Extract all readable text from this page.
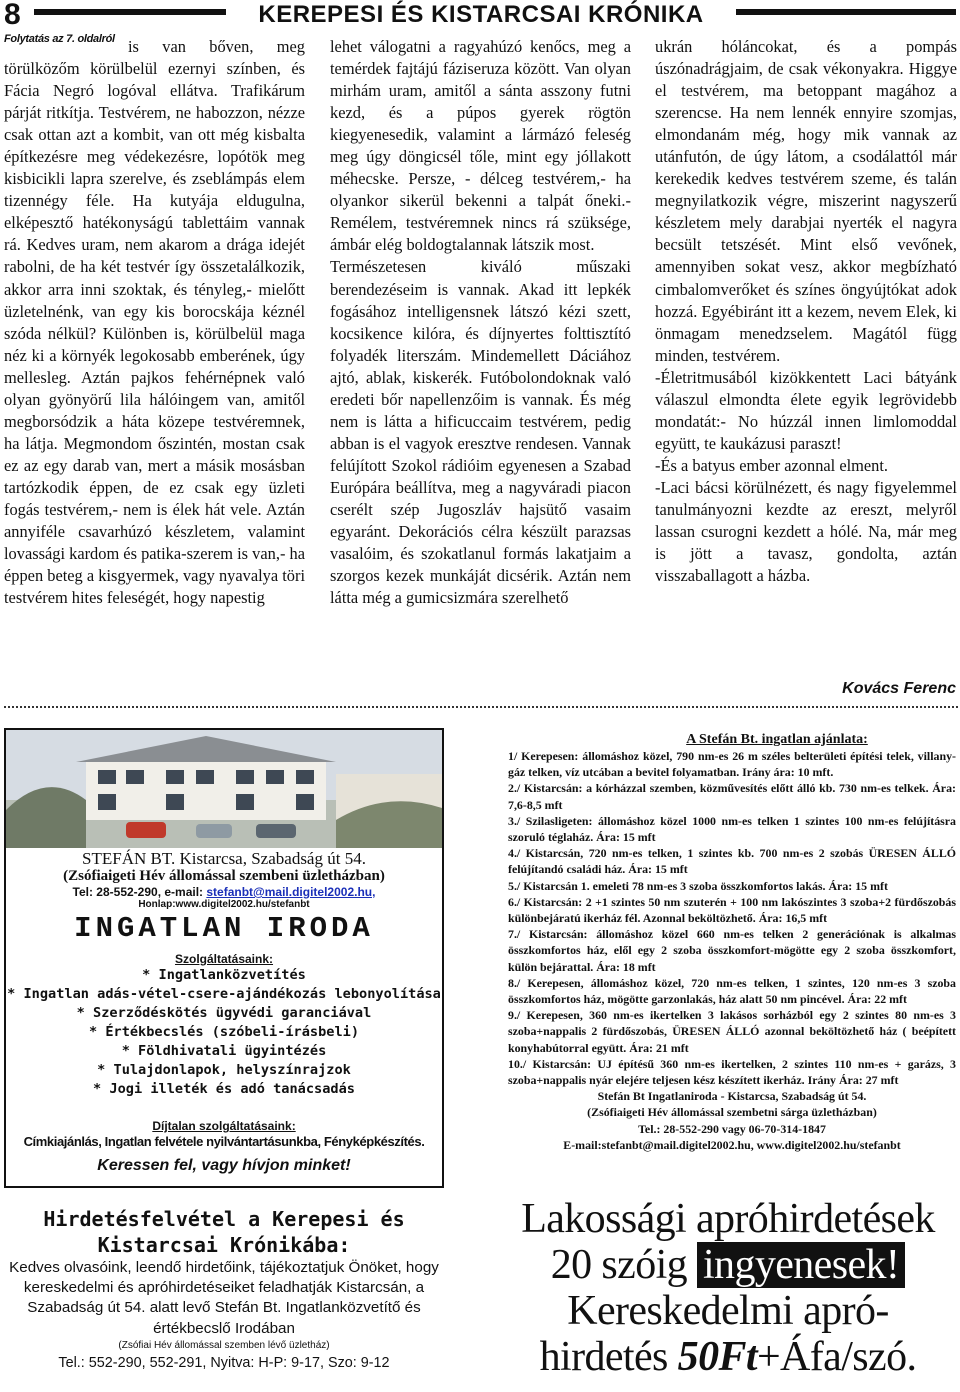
8	KEREPESI ÉS KISTARCSAI KRÓNIKA
Folytatás az 7. oldalról is van bőven, meg törülközőm körülbelül ezernyi színben, és Fácia Negró logóval ellátva. Trafikárum párját ritkítja. Testvérem, ne habozzon, nézze csak ottan azt a kombit, van ott még kisbalta építkezésre meg védekezésre, lopótök meg kisbicikli lapra szerelve, és zseblámpás elem tizennégy féle. Ha kutyája eldugulna, elképesztő hatékonyságú tablettáim vannak rá. Kedves uram, nem akarom a drága idejét rabolni, de ha két testvér így összetalálkozik, akkor arra inni szoktak, és tényleg,- mielőtt üzletelnénk, van egy kis borocskája kéznél szóda nélkül? Különben is, körülbelül maga néz ki a környék legokosabb emberének, úgy mellesleg. Aztán pajkos fehérnépnek való olyan gyönyörű lila hálóingem van, amitől megborsódzik a háta közepe testvéremnek, ha látja. Megmondom őszintén, mostan csak ez az egy darab van, mert a másik mosásban tartózkodik éppen, de ez csak egy üzleti fogás testvérem,- nem is élek hát vele. Aztán annyiféle csavarhúzó készletem, valamint lovassági kardom és patika-szerem is van,- ha éppen beteg a kisgyermek, vagy nyavalya töri testvérem hites feleségét, hogy napestig

lehet válogatni a ragyahúzó kenőcs, meg a temérdek fajtájú fáziseruza között. Van olyan mirhám uram, amitől a sánta asszony futni kezd, és a púpos gyerek rögtön kiegyenesedik, valamint a lármázó feleség meg úgy döngicsél tőle, mint egy jóllakott méhecske. Persze, - délceg testvérem,- ha olyankor sikerül bekenni a talpát őneki.- Remélem, testvéremnek nincs rá szüksége, ámbár elég boldogtalannak látszik most.

Természetesen kiváló műszaki berendezéseim is vannak. Akad itt lepkék fogásához intelligensnek látszó kézi szett, kocsikence kilóra, és díjnyertes folttisztító folyadék literszám. Mindemellett Dáciához ajtó, ablak, kiskerék. Futóbolondoknak való eredeti bőr napellenzőim is vannak. És még nem is látta a hificuccaim testvérem, pedig abban is el vagyok eresztve rendesen. Vannak felújított Szokol rádióim egyenesen a Szabad Európára beállítva, meg a nagyváradi piacon cserélt szép Jugoszláv hajsütő vasaim egyaránt. Dekorációs célra készült parazsas vasalóim, és szokatlanul formás lakatjaim a szorgos kezek munkáját dicsérik. Aztán nem látta még a gumicsizmára szerelhető

ukrán hóláncokat, és a pompás úszónadrágjaim, de csak vékonyakra. Higgye el testvérem, ma betoppant magához a szerencse. Ha nem lennék ennyire szomjas, elmondanám még, hogy mik vannak az utánfutón, de úgy látom, a csodálattól már kerekedik kedves testvérem szeme, és talán megnyilatkozik végre, miszerint nagyszerű készletem mely darabjai nyerték el nagyra becsült tetszését. Mint első vevőnek, amennyiben sokat vesz, akkor megbízható cimbalomverőket és színes öngyújtókat adok hozzá. Egyébiránt itt a kezem, nevem Elek, ki önmagam menedzselem. Magától függ minden, testvérem.

-Életritmusából kizökkentett Laci bátyánk válaszul elmondta élete egyik legrövidebb mondatát:- No húzzál innen limlomoddal együtt, te kaukázusi paraszt!

-És a batyus ember azonnal elment.

-Laci bácsi körülnézett, és nagy figyelemmel tanulmányozni kezdte az ereszt, melyről lassan csurogni kezdett a hólé. Na, már meg is jött a tavasz, gondolta, aztán visszaballagott a házba.

Kovács Ferenc
STEFÁN BT. Kistarcsa, Szabadság út 54.
(Zsófiaigeti Hév állomással szembeni üzletházban)
Tel: 28-552-290, e-mail: stefanbt@mail.digitel2002.hu,
Honlap:www.digitel2002.hu/stefanbt
INGATLAN IRODA
Szolgáltatásaink:
* Ingatlanközvetítés
* Ingatlan adás-vétel-csere-ajándékozás lebonyolítása
* Szerződéskötés ügyvédi garanciával
* Értékbecslés (szóbeli-írásbeli)
* Földhivatali ügyintézés
* Tulajdonlapok, helyszínrajzok
* Jogi illeték és adó tanácsadás
Díjtalan szolgáltatásaink:
Címkiajánlás, Ingatlan felvétele nyilvántartásunkba, Fényképkészítés.
Keressen fel, vagy hívjon minket!
A Stefán Bt. ingatlan ajánlata:
1/ Kerepesen: állomáshoz közel, 790 nm-es 26 m széles belterületi építési telek, villany-gáz telken, víz utcában a bevitel folyamatban. Irány ára: 10 mft.
2./ Kistarcsán: a kórházzal szemben, közművesítés előtt álló kb. 730 nm-es telkek. Ára: 7,6-8,5 mft
3./ Szilasligeten: állomáshoz közel 1000 nm-es telken 1 szintes 100 nm-es felújításra szoruló téglaház. Ára: 15 mft
4./ Kistarcsán, 720 nm-es telken, 1 szintes kb. 700 nm-es 2 szobás ÜRESEN ÁLLÓ felújítandó családi ház. Ára: 15 mft
5./ Kistarcsán 1. emeleti 78 nm-es 3 szoba összkomfortos lakás. Ára: 15 mft
6./ Kistarcsán: 2 +1 szintes 50 nm szuterén + 100 nm lakószintes 3 szoba+2 fürdőszobás különbejáratú ikerház fél. Azonnal beköltözhető. Ára: 16,5 mft
7./ Kistarcsán: állomáshoz közel 660 nm-es telken 2 generációnak is alkalmas összkomfortos ház, elől egy 2 szoba összkomfort-mögötte egy 2 szoba összkomfort, külön bejárattal. Ára: 18 mft
8./ Kerepesen, állomáshoz közel, 720 nm-es telken, 1 szintes, 120 nm-es 3 szoba összkomfortos ház, mögötte garzonlakás, ház alatt 50 nm pincével. Ára: 22 mft
9./ Kerepesen, 360 nm-es ikertelken 3 lakásos sorházból egy 2 szintes 80 nm-es 3 szoba+nappalis 2 fürdőszobás, ÜRESEN ÁLLÓ azonnal beköltözhető ház ( beépített konyhabútorral együtt. Ára: 21 mft
10./ Kistarcsán: UJ építésű 360 nm-es ikertelken, 2 szintes 110 nm-es + garázs, 3 szoba+nappalis nyár elejére teljesen kész készített ikerház. Irány Ára: 27 mft
Stefán Bt Ingatlaniroda - Kistarcsa, Szabadság út 54.
(Zsófiaigeti Hév állomással szembetni sárga üzletházban)
Tel.: 28-552-290 vagy 06-70-314-1847
E-mail:stefanbt@mail.digitel2002.hu, www.digitel2002.hu/stefanbt
Hirdetésfelvétel a Kerepesi és Kistarcsai Krónikába:
Kedves olvasóink, leendő hirdetőink, tájékoztatjuk Önöket, hogy kereskedelmi és apróhirdetéseiket feladhatják Kistarcsán, a Szabadság út 54. alatt levő Stefán Bt. Ingatlanközvetítő és értékbecslő Irodában
(Zsófiai Hév állomással szemben lévő üzletház)
Tel.: 552-290, 552-291, Nyitva: H-P: 9-17, Szo: 9-12
Lakossági apróhirdetések
20 szóig ingyenesek!
Kereskedelmi apró-
hirdetés 50Ft+Áfa/szó.
